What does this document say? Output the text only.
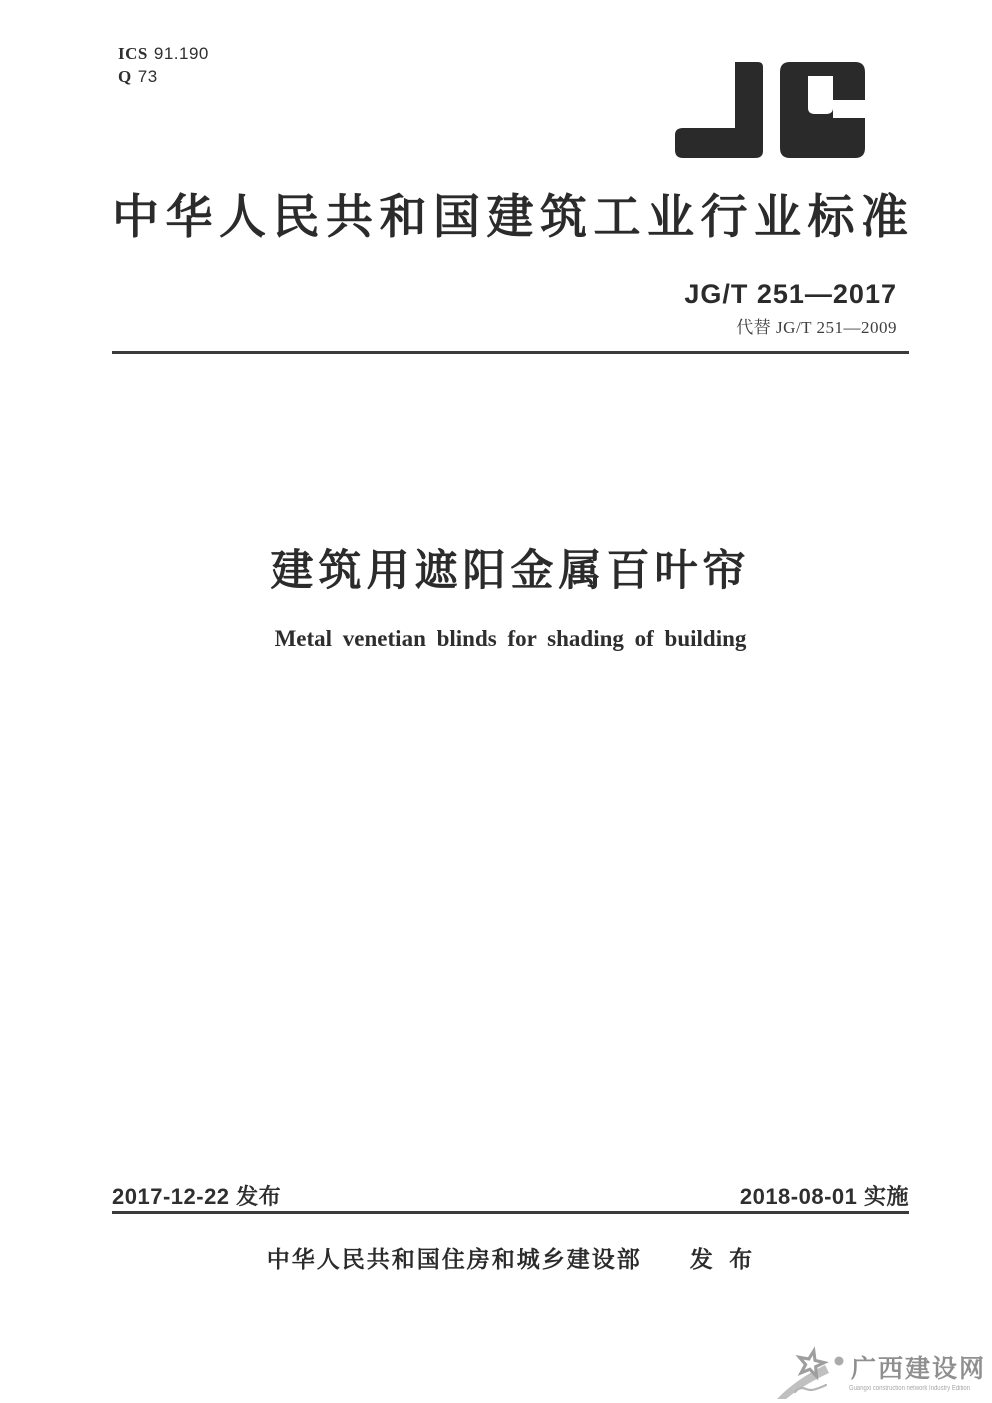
ICS 91.190
Q 73
中华人民共和国建筑工业行业标准
JG/T 251—2017
代替 JG/T 251—2009
建筑用遮阳金属百叶帘
Metal venetian blinds for shading of building
2017-12-22 发布	2018-08-01 实施
中华人民共和国住房和城乡建设部 发 布
广西建设网
Guangxi construction network Industry Edition
